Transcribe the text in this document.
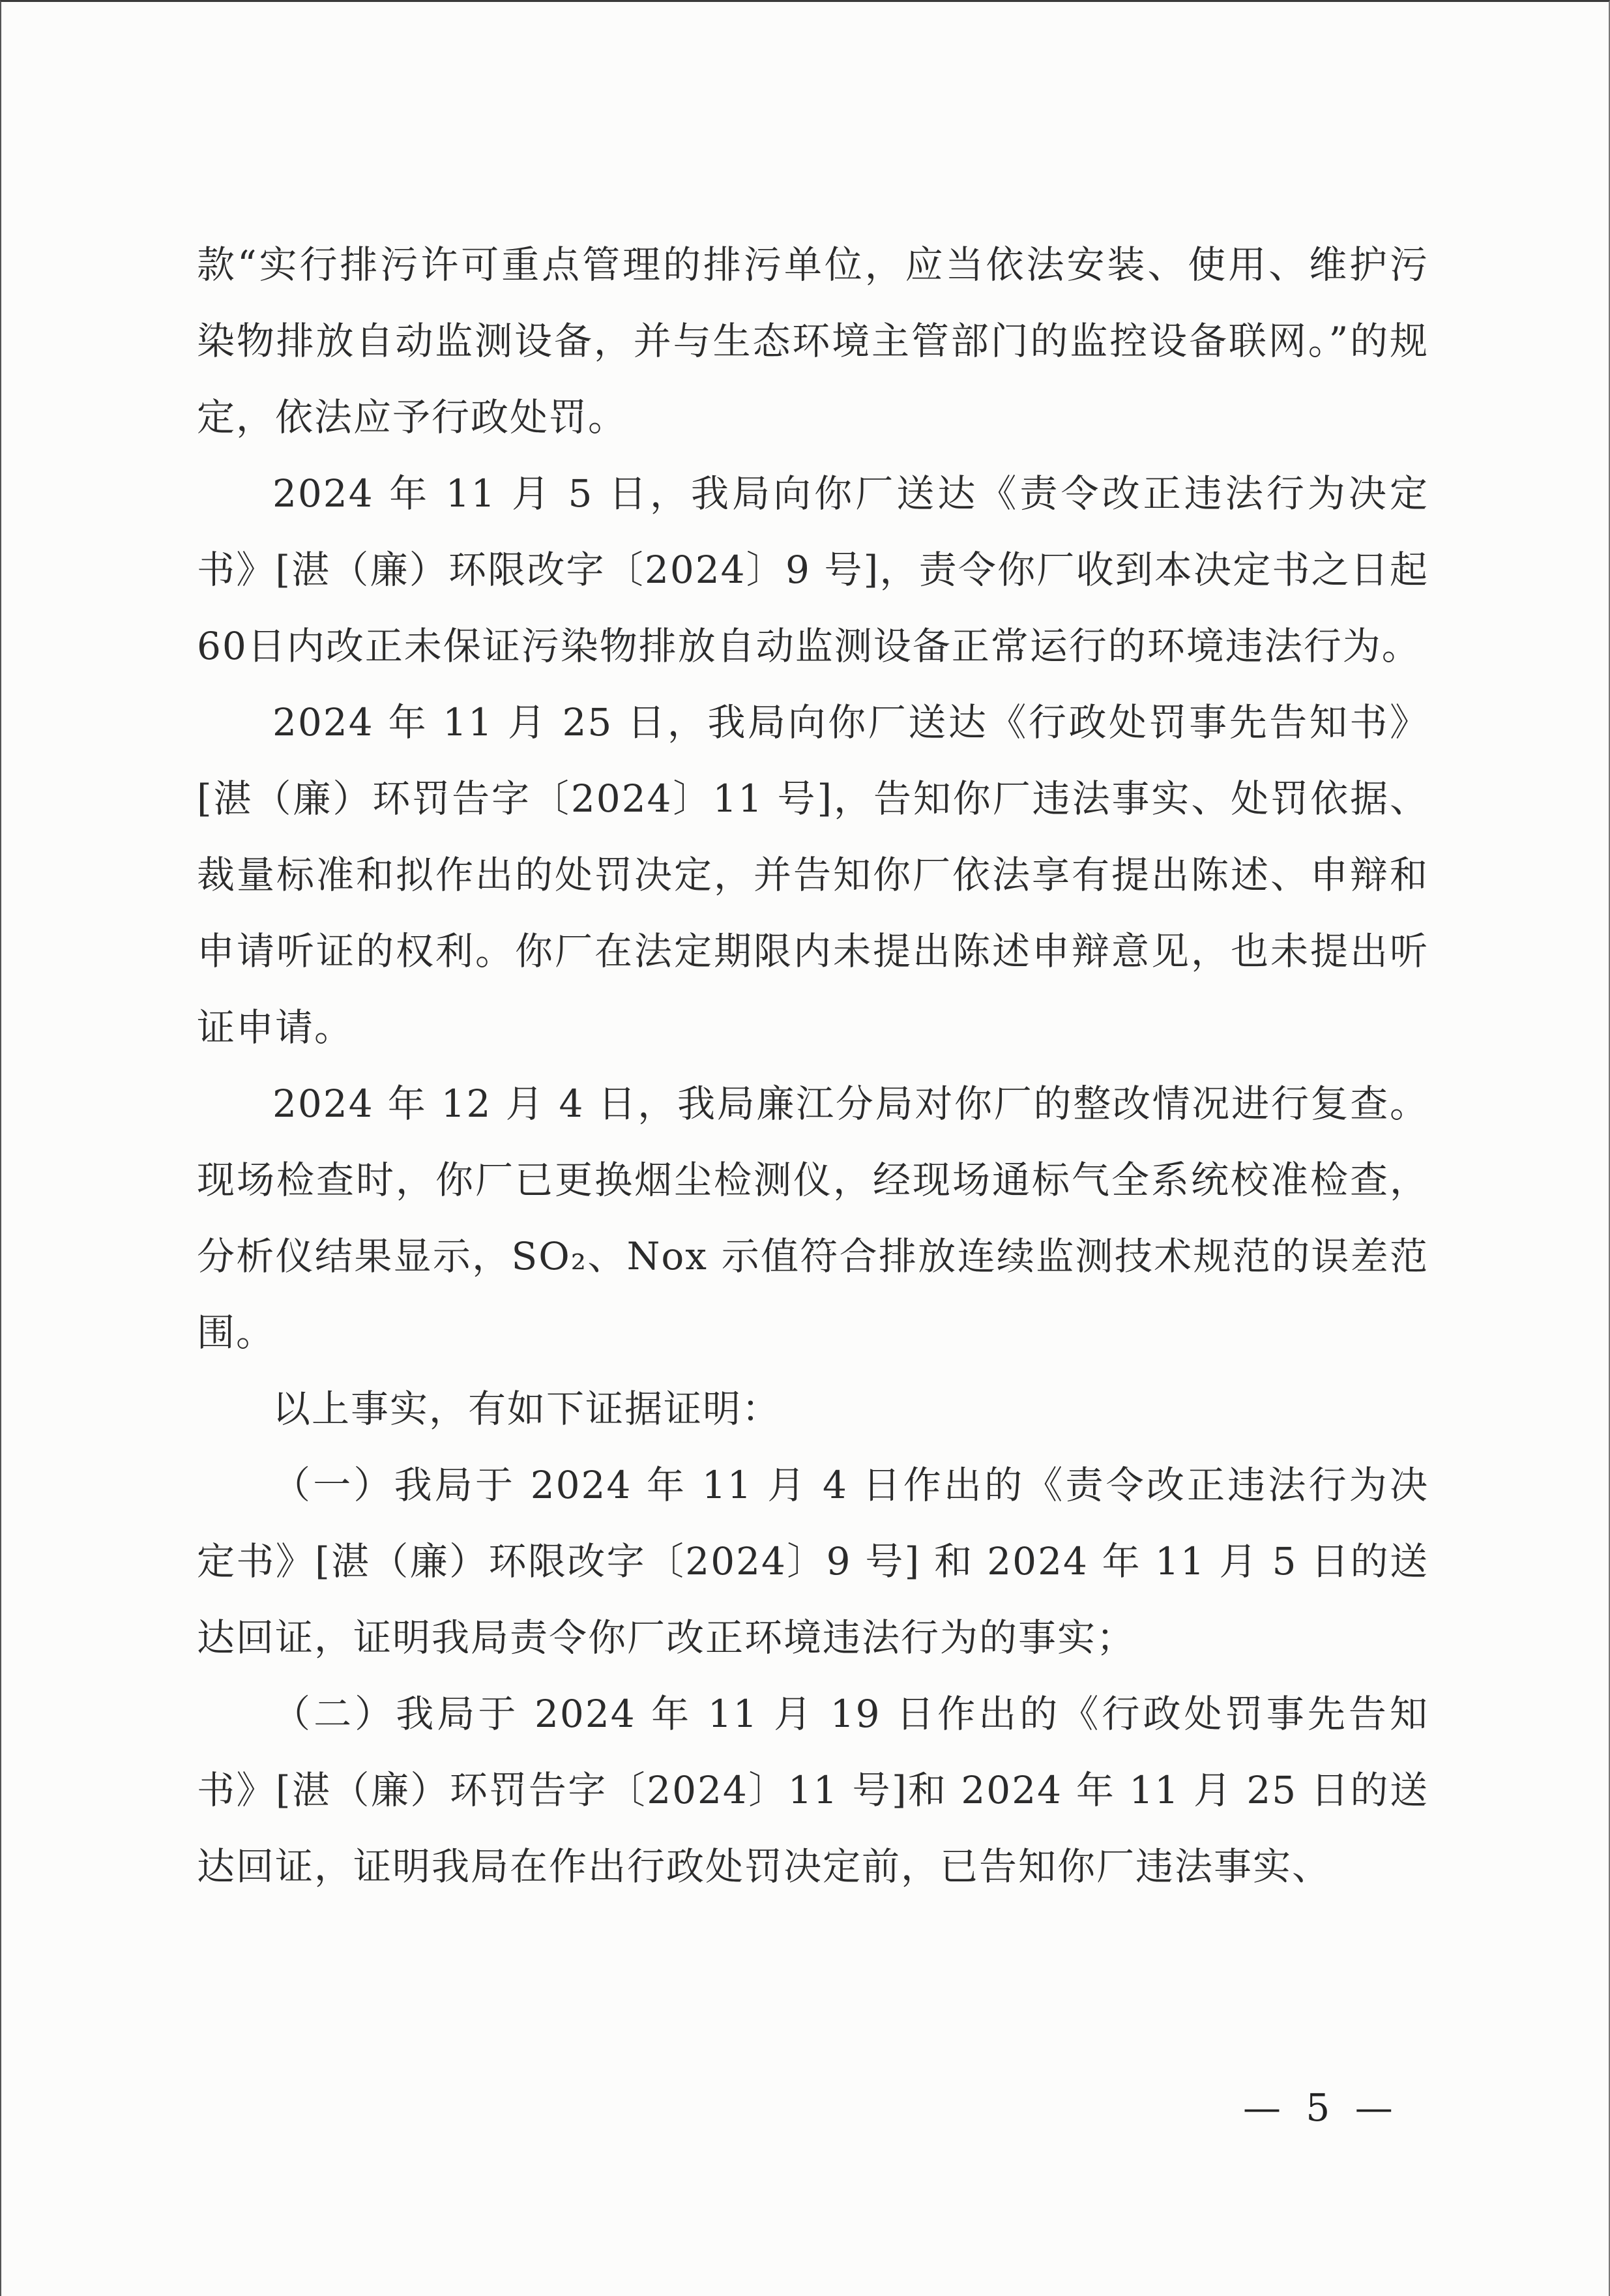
款“实行排污许可重点管理的排污单位，应当依法安装、使用、维护污染物排放自动监测设备，并与生态环境主管部门的监控设备联网。”的规定，依法应予行政处罚。

2024 年 11 月 5 日，我局向你厂送达《责令改正违法行为决定书》[湛（廉）环限改字〔2024〕9 号]，责令你厂收到本决定书之日起60日内改正未保证污染物排放自动监测设备正常运行的环境违法行为。

2024 年 11 月 25 日，我局向你厂送达《行政处罚事先告知书》[湛（廉）环罚告字〔2024〕11 号]，告知你厂违法事实、处罚依据、裁量标准和拟作出的处罚决定，并告知你厂依法享有提出陈述、申辩和申请听证的权利。你厂在法定期限内未提出陈述申辩意见，也未提出听证申请。

2024 年 12 月 4 日，我局廉江分局对你厂的整改情况进行复查。现场检查时，你厂已更换烟尘检测仪，经现场通标气全系统校准检查，分析仪结果显示，SO₂、Nox 示值符合排放连续监测技术规范的误差范围。

以上事实，有如下证据证明：

（一）我局于 2024 年 11 月 4 日作出的《责令改正违法行为决定书》[湛（廉）环限改字〔2024〕9 号] 和 2024 年 11 月 5 日的送达回证，证明我局责令你厂改正环境违法行为的事实；

（二）我局于 2024 年 11 月 19 日作出的《行政处罚事先告知书》[湛（廉）环罚告字〔2024〕11 号]和 2024 年 11 月 25 日的送达回证，证明我局在作出行政处罚决定前，已告知你厂违法事实、

— 5 —
